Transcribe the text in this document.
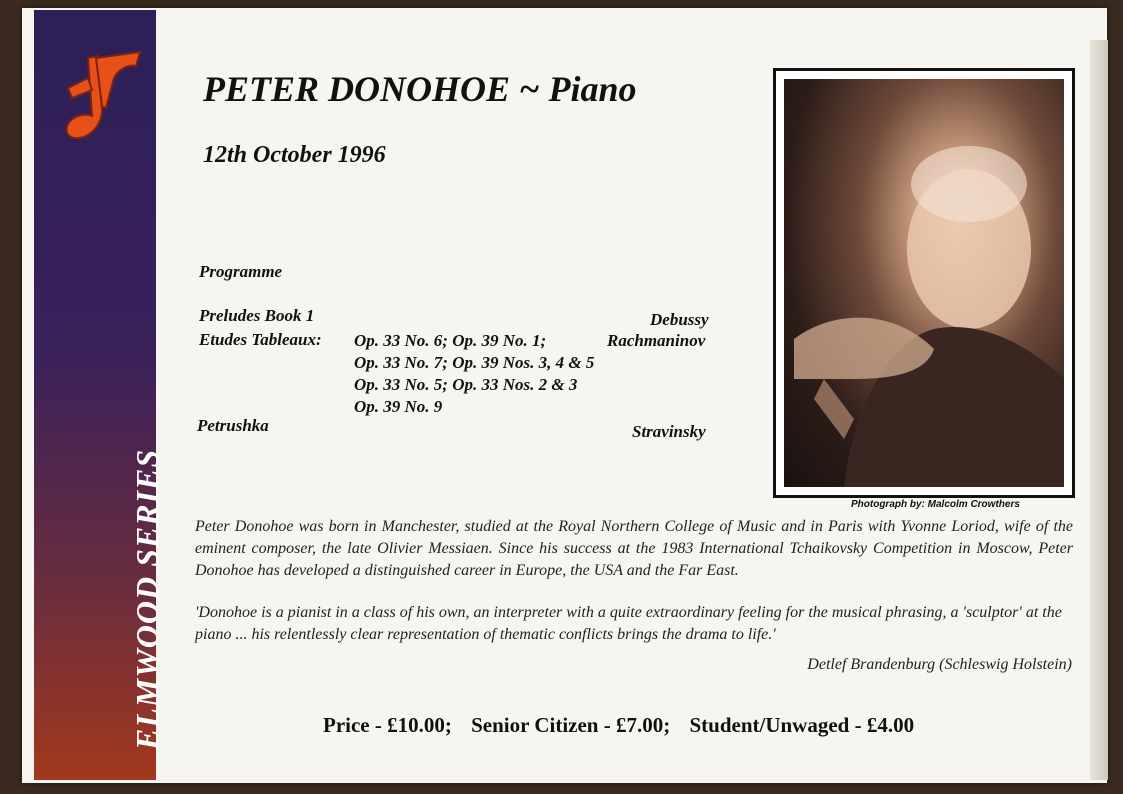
ELMWOOD SERIES
PETER DONOHOE ~ Piano
12th October 1996
Programme
Preludes Book 1	Debussy
Etudes Tableaux: Op. 33 No. 6; Op. 39 No. 1;	Rachmaninov
Op. 33 No. 7; Op. 39 Nos. 3, 4 & 5
Op. 33 No. 5; Op. 33 Nos. 2 & 3
Op. 39 No. 9
Petrushka	Stravinsky
Photograph by: Malcolm Crowthers
Peter Donohoe was born in Manchester, studied at the Royal Northern College of Music and in Paris with Yvonne Loriod, wife of the eminent composer, the late Olivier Messiaen. Since his success at the 1983 International Tchaikovsky Competition in Moscow, Peter Donohoe has developed a distinguished career in Europe, the USA and the Far East.
'Donohoe is a pianist in a class of his own, an interpreter with a quite extraordinary feeling for the musical phrasing, a 'sculptor' at the piano ... his relentlessly clear representation of thematic conflicts brings the drama to life.'
Detlef Brandenburg (Schleswig Holstein)
Price - £10.00; Senior Citizen - £7.00; Student/Unwaged - £4.00
